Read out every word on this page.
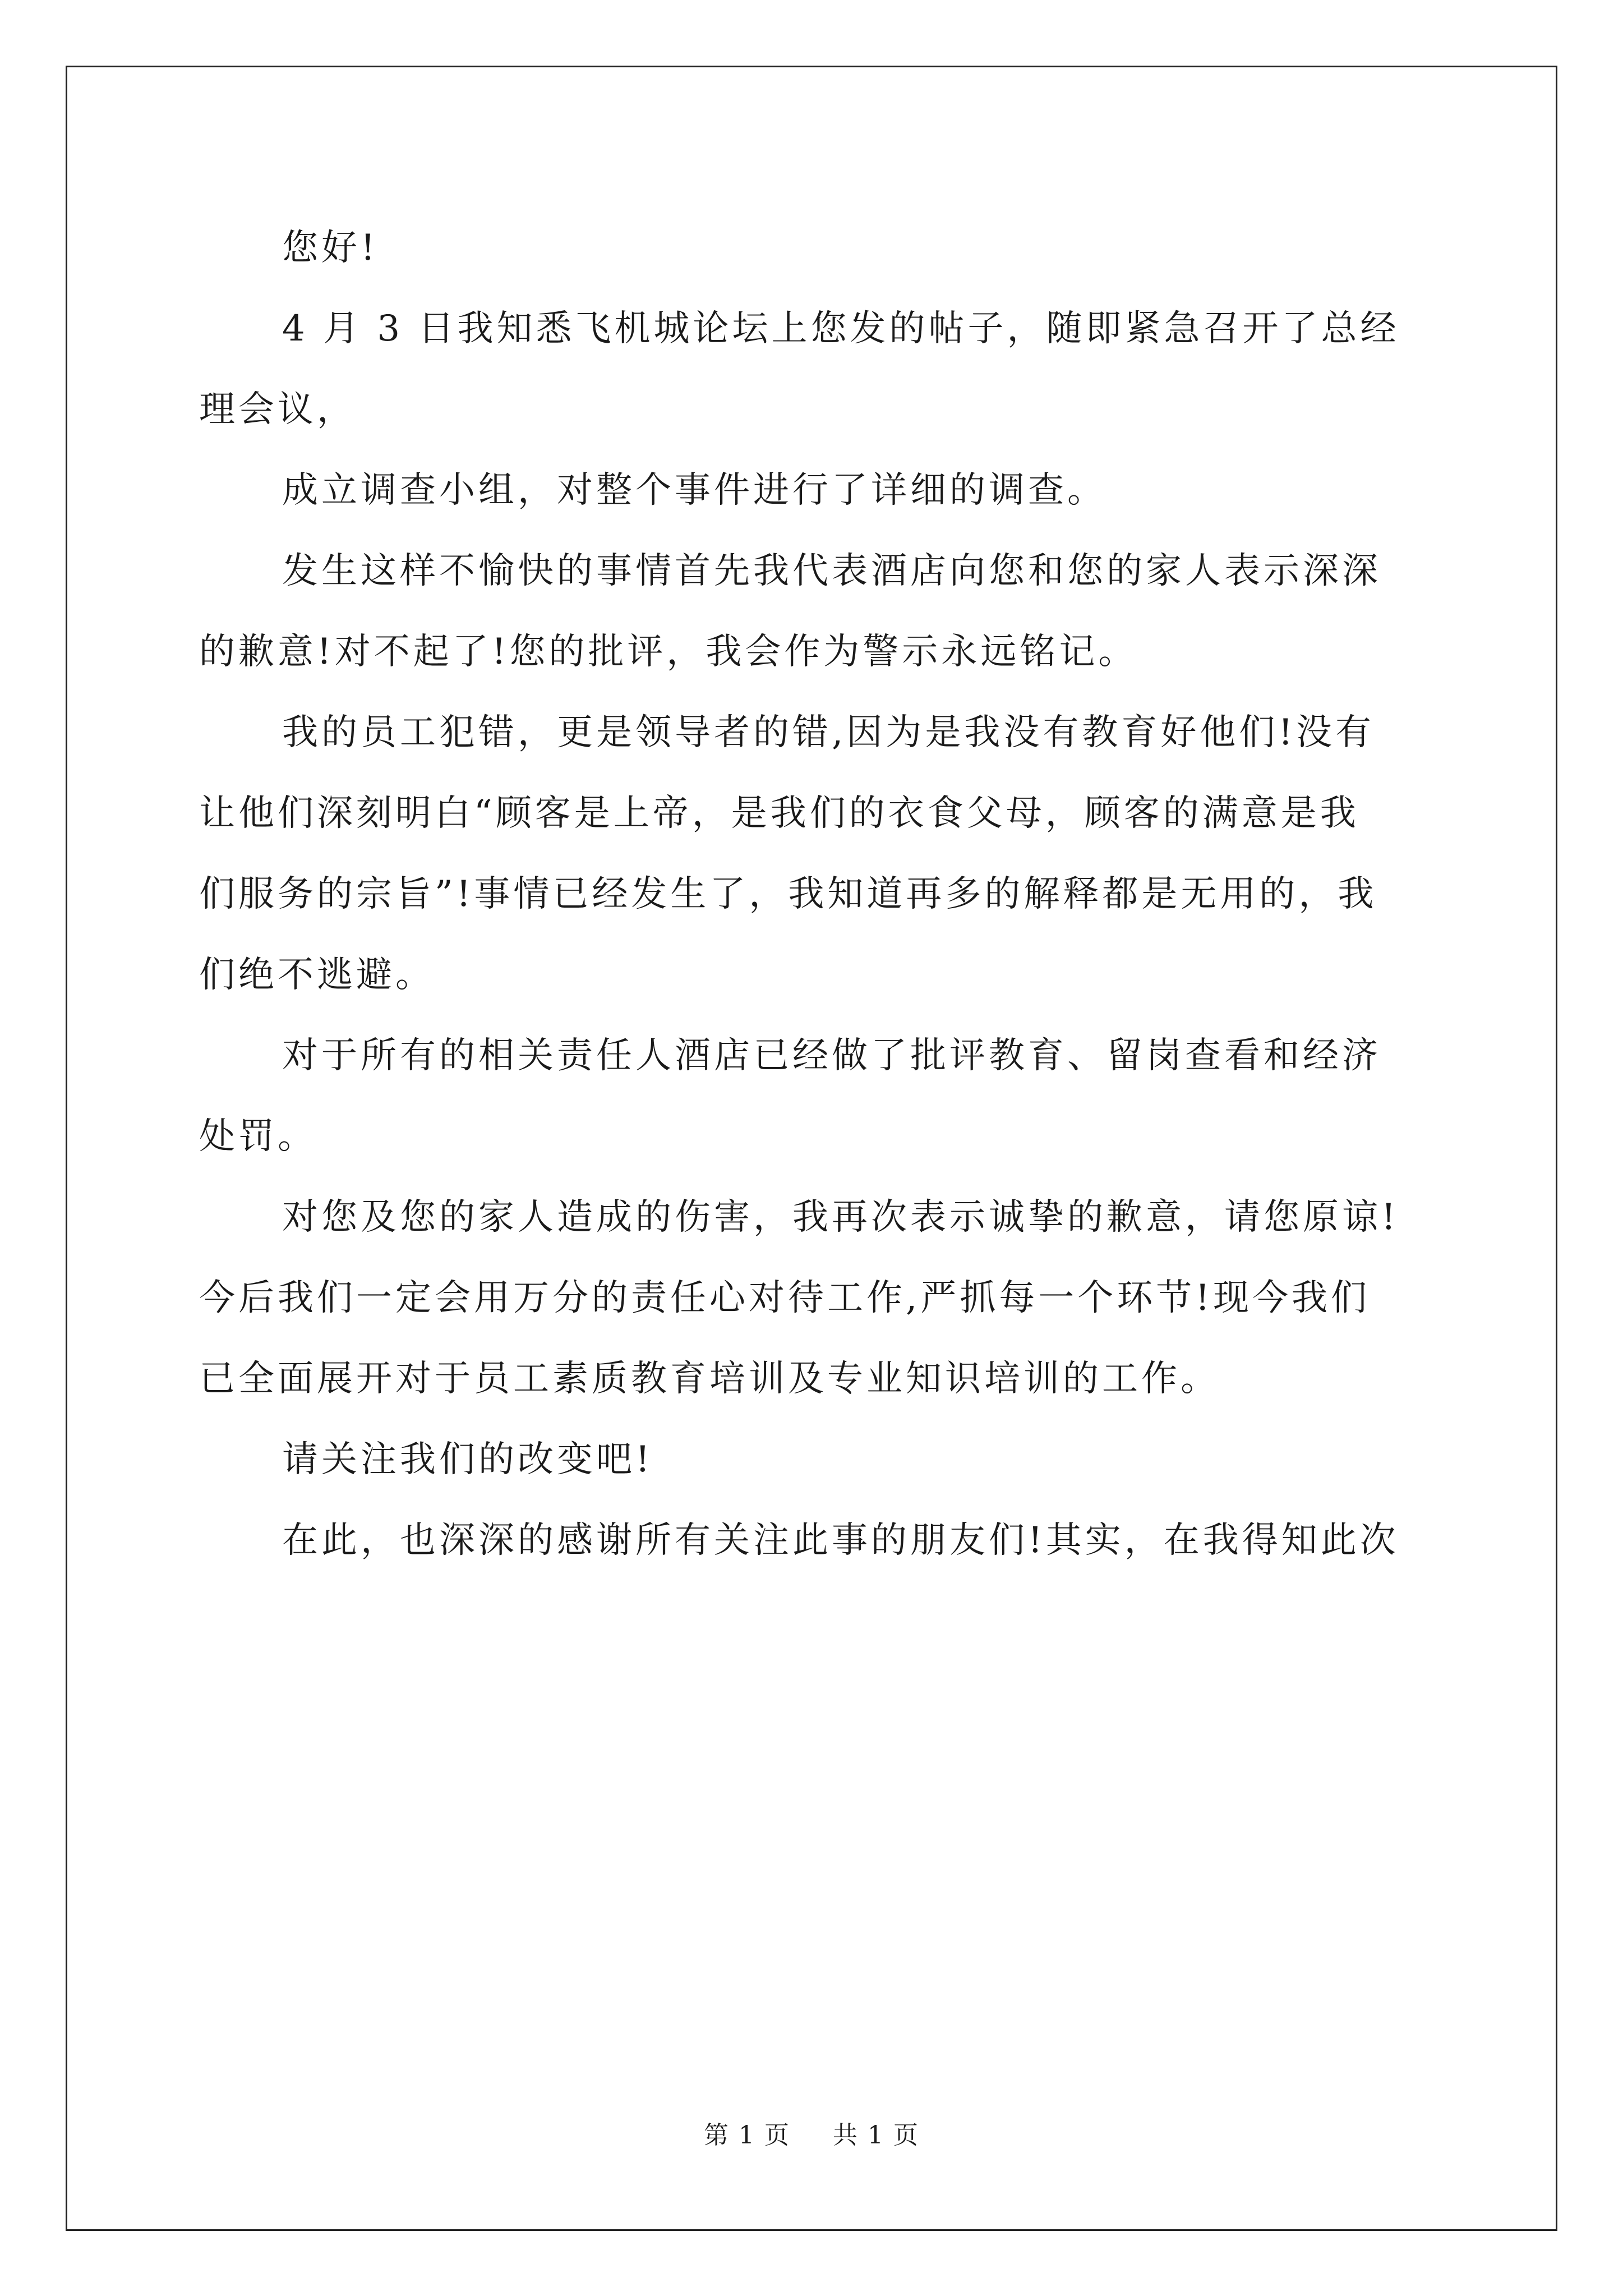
您好!
4 月 3 日我知悉飞机城论坛上您发的帖子，随即紧急召开了总经
理会议，
成立调查小组，对整个事件进行了详细的调查。
发生这样不愉快的事情首先我代表酒店向您和您的家人表示深深
的歉意!对不起了!您的批评，我会作为警示永远铭记。
我的员工犯错，更是领导者的错,因为是我没有教育好他们!没有
让他们深刻明白“顾客是上帝，是我们的衣食父母，顾客的满意是我
们服务的宗旨”!事情已经发生了，我知道再多的解释都是无用的，我
们绝不逃避。
对于所有的相关责任人酒店已经做了批评教育、留岗查看和经济
处罚。
对您及您的家人造成的伤害，我再次表示诚挚的歉意，请您原谅!
今后我们一定会用万分的责任心对待工作,严抓每一个环节!现今我们
已全面展开对于员工素质教育培训及专业知识培训的工作。
请关注我们的改变吧!
在此，也深深的感谢所有关注此事的朋友们!其实，在我得知此次
第 1 页 共 1 页
